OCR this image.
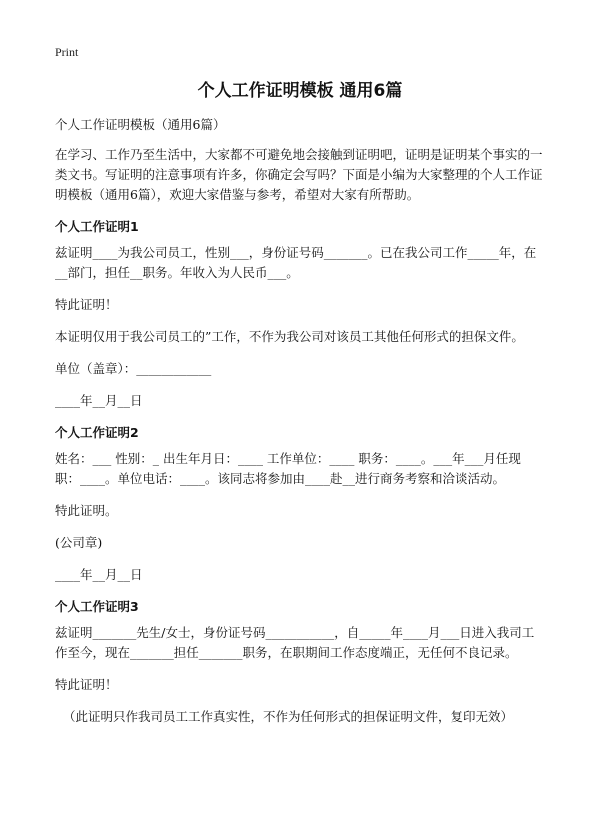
Print
个人工作证明模板 通用6篇

个人工作证明模板（通用6篇）

在学习、工作乃至生活中，大家都不可避免地会接触到证明吧，证明是证明某个事实的一类文书。写证明的注意事项有许多，你确定会写吗？下面是小编为大家整理的个人工作证明模板（通用6篇），欢迎大家借鉴与参考，希望对大家有所帮助。

个人工作证明1

兹证明____为我公司员工，性别___，身份证号码_______。已在我公司工作_____年，在__部门，担任__职务。年收入为人民币___。

特此证明！

本证明仅用于我公司员工的”工作，不作为我公司对该员工其他任何形式的担保文件。

单位（盖章）：____________

____年__月__日

个人工作证明2

姓名：___ 性别：_ 出生年月日：____ 工作单位：____ 职务：____。___年___月任现职：____。单位电话：____。该同志将参加由____赴__进行商务考察和洽谈活动。

特此证明。

(公司章)

____年__月__日

个人工作证明3

兹证明_______先生/女士，身份证号码___________，自_____年____月___日进入我司工作至今，现在_______担任_______职务，在职期间工作态度端正，无任何不良记录。

特此证明！

（此证明只作我司员工工作真实性，不作为任何形式的担保证明文件，复印无效）
